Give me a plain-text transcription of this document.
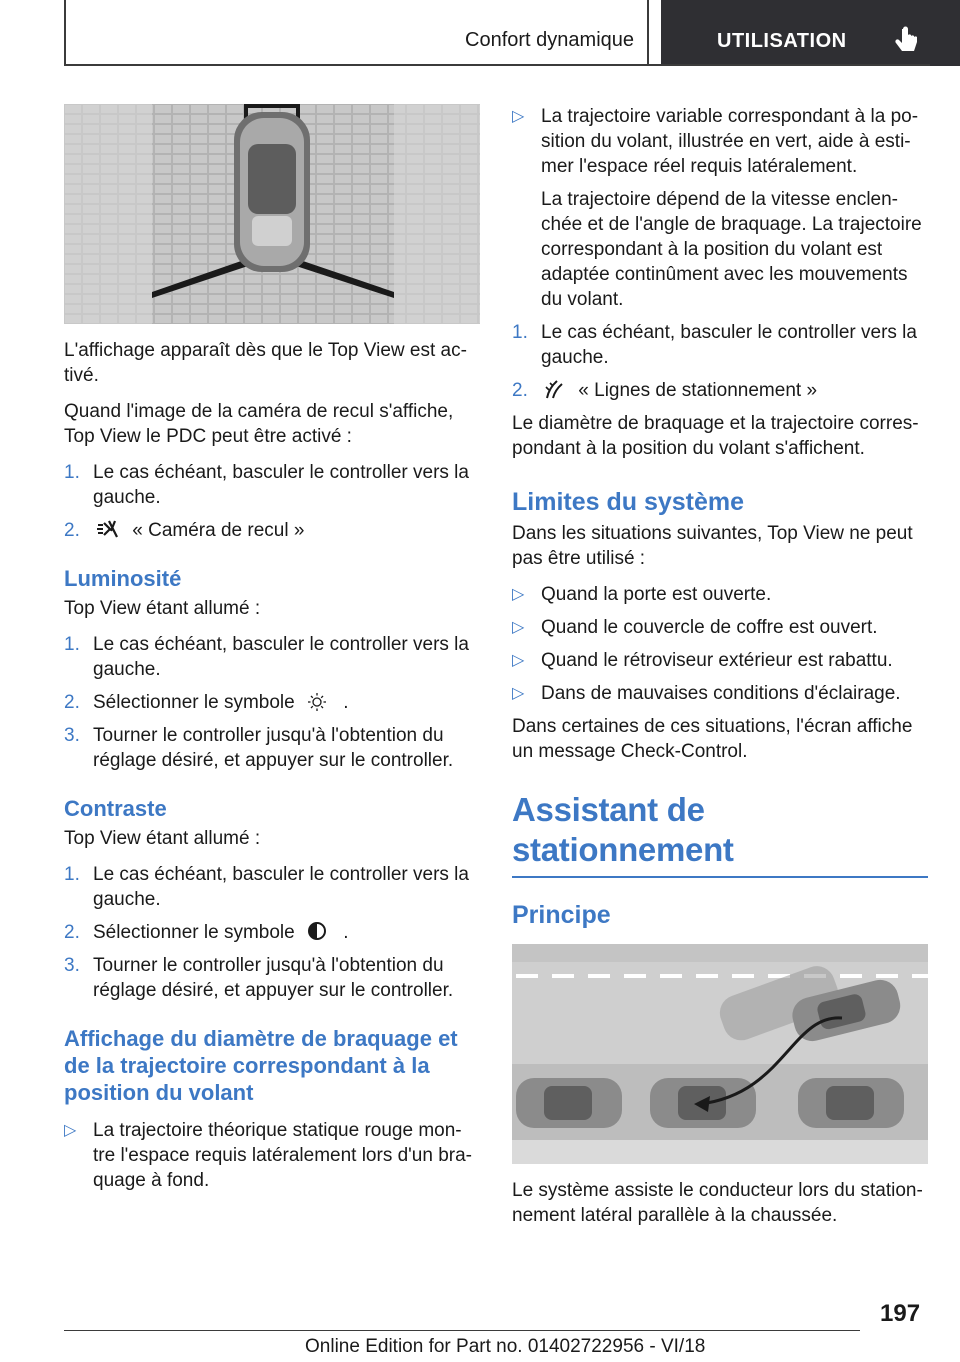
Confort dynamique	UTILISATION

L'affichage apparaît dès que le Top View est ac-tivé.

Quand l'image de la caméra de recul s'affiche, Top View le PDC peut être activé :

1. Le cas échéant, basculer le controller vers la gauche.
2.	« Caméra de recul »
Luminosité

Top View étant allumé :

1. Le cas échéant, basculer le controller vers la gauche.
2. Sélectionner le symbole	.
3. Tourner le controller jusqu'à l'obtention du réglage désiré, et appuyer sur le controller.
Contraste

Top View étant allumé :

1. Le cas échéant, basculer le controller vers la gauche.
2. Sélectionner le symbole	.
3. Tourner le controller jusqu'à l'obtention du réglage désiré, et appuyer sur le controller.
Affichage du diamètre de braquage et de la trajectoire correspondant à la position du volant
▷ La trajectoire théorique statique rouge mon-tre l'espace requis latéralement lors d'un bra-quage à fond.
▷ La trajectoire variable correspondant à la po-sition du volant, illustrée en vert, aide à esti-mer l'espace réel requis latéralement.

La trajectoire dépend de la vitesse enclen-chée et de l'angle de braquage. La trajectoire correspondant à la position du volant est adaptée continûment avec les mouvements du volant.

1. Le cas échéant, basculer le controller vers la gauche.
2.	« Lignes de stationnement »

Le diamètre de braquage et la trajectoire corres-pondant à la position du volant s'affichent.

Limites du système

Dans les situations suivantes, Top View ne peut pas être utilisé :

▷ Quand la porte est ouverte.
▷ Quand le couvercle de coffre est ouvert.
▷ Quand le rétroviseur extérieur est rabattu.
▷ Dans de mauvaises conditions d'éclairage.

Dans certaines de ces situations, l'écran affiche un message Check-Control.

Assistant de stationnement
Principe

Le système assiste le conducteur lors du station-nement latéral parallèle à la chaussée.

197
Online Edition for Part no. 01402722956 - VI/18
